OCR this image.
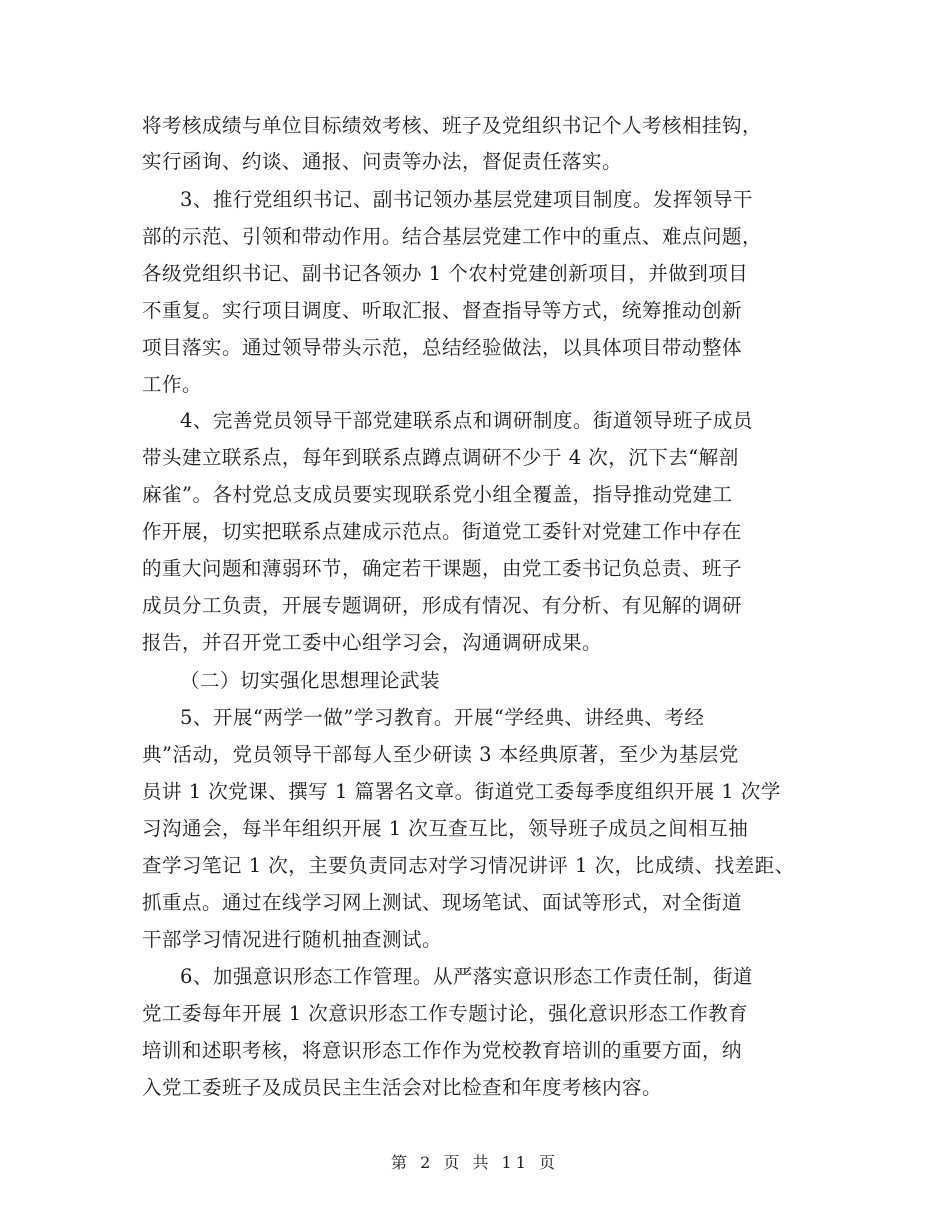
将考核成绩与单位目标绩效考核、班子及党组织书记个人考核相挂钩，
实行函询、约谈、通报、问责等办法，督促责任落实。
3、推行党组织书记、副书记领办基层党建项目制度。发挥领导干
部的示范、引领和带动作用。结合基层党建工作中的重点、难点问题，
各级党组织书记、副书记各领办 1 个农村党建创新项目，并做到项目
不重复。实行项目调度、听取汇报、督查指导等方式，统筹推动创新
项目落实。通过领导带头示范，总结经验做法，以具体项目带动整体
工作。
4、完善党员领导干部党建联系点和调研制度。街道领导班子成员
带头建立联系点，每年到联系点蹲点调研不少于 4 次，沉下去“解剖
麻雀”。各村党总支成员要实现联系党小组全覆盖，指导推动党建工
作开展，切实把联系点建成示范点。街道党工委针对党建工作中存在
的重大问题和薄弱环节，确定若干课题，由党工委书记负总责、班子
成员分工负责，开展专题调研，形成有情况、有分析、有见解的调研
报告，并召开党工委中心组学习会，沟通调研成果。
（二）切实强化思想理论武装
5、开展“两学一做”学习教育。开展“学经典、讲经典、考经
典”活动，党员领导干部每人至少研读 3 本经典原著，至少为基层党
员讲 1 次党课、撰写 1 篇署名文章。街道党工委每季度组织开展 1 次学
习沟通会，每半年组织开展 1 次互查互比，领导班子成员之间相互抽
查学习笔记 1 次，主要负责同志对学习情况讲评 1 次，比成绩、找差距、
抓重点。通过在线学习网上测试、现场笔试、面试等形式，对全街道
干部学习情况进行随机抽查测试。
6、加强意识形态工作管理。从严落实意识形态工作责任制，街道
党工委每年开展 1 次意识形态工作专题讨论，强化意识形态工作教育
培训和述职考核，将意识形态工作作为党校教育培训的重要方面，纳
入党工委班子及成员民主生活会对比检查和年度考核内容。
第 2 页 共 11 页
